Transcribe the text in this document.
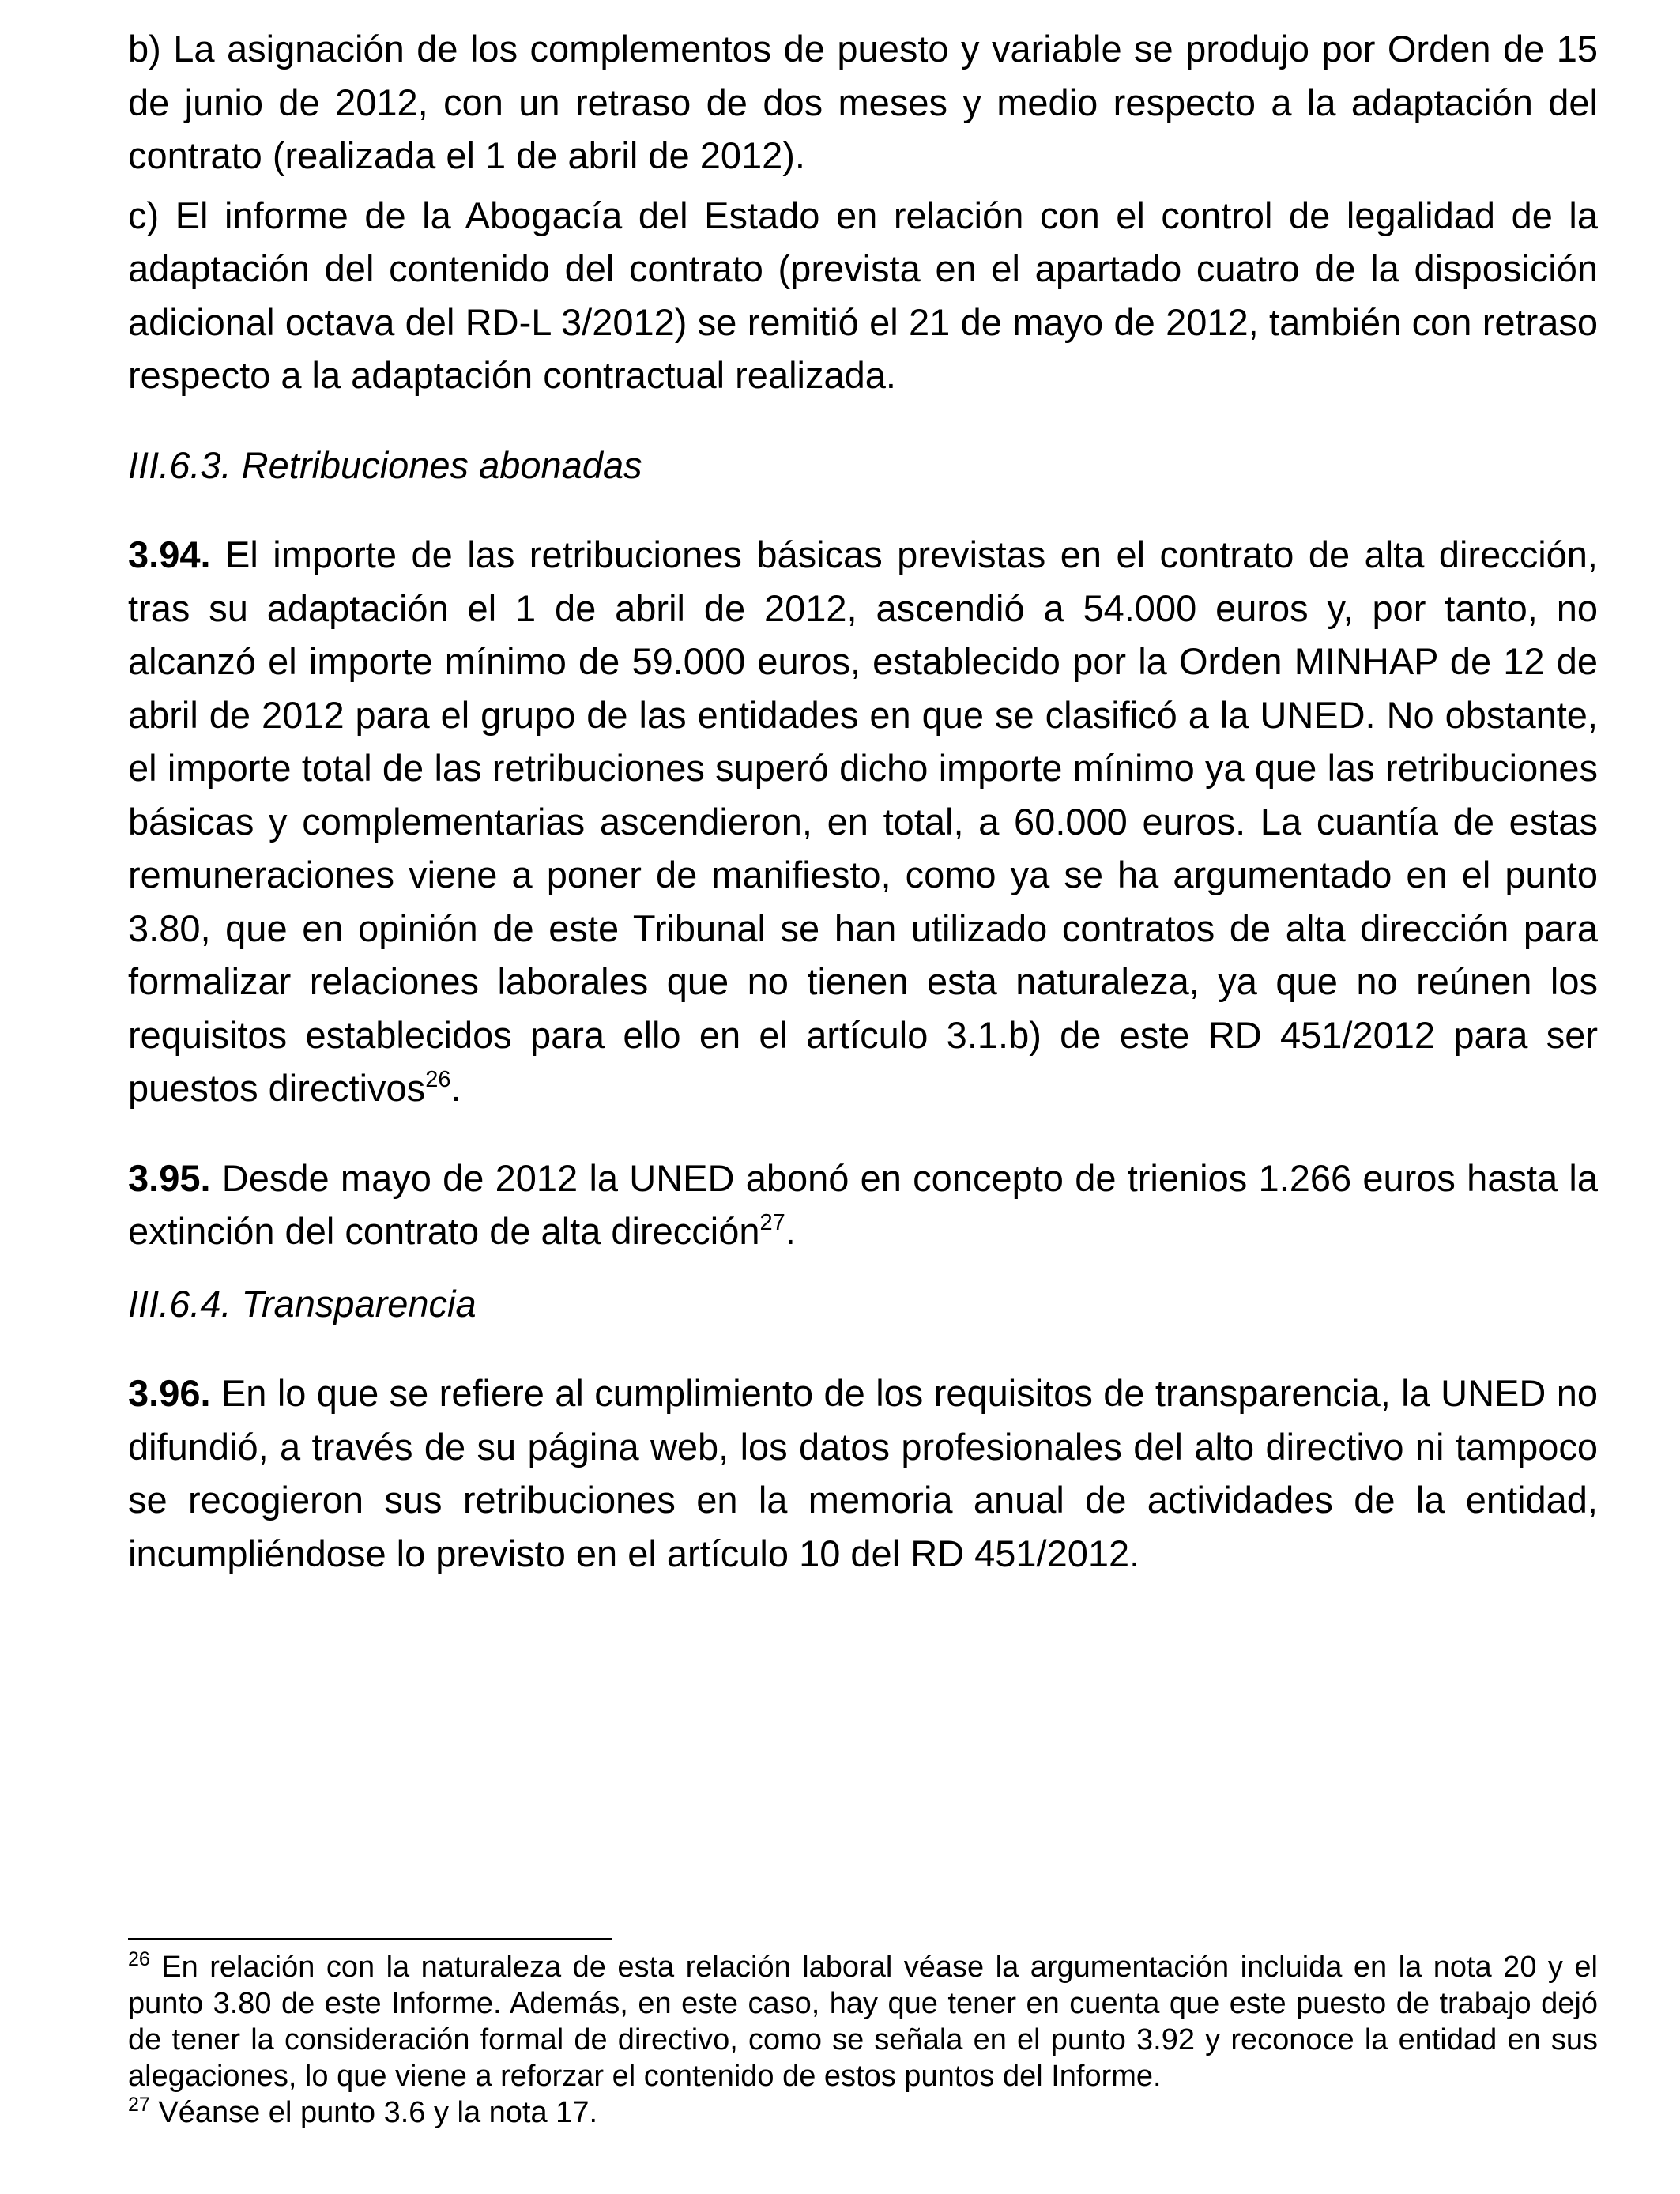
b) La asignación de los complementos de puesto y variable se produjo por Orden de 15 de junio de 2012, con un retraso de dos meses y medio respecto a la adaptación del contrato (realizada el 1 de abril de 2012).

c) El informe de la Abogacía del Estado en relación con el control de legalidad de la adaptación del contenido del contrato (prevista en el apartado cuatro de la disposición adicional octava del RD-L 3/2012) se remitió el 21 de mayo de 2012, también con retraso respecto a la adaptación contractual realizada.

III.6.3. Retribuciones abonadas

3.94. El importe de las retribuciones básicas previstas en el contrato de alta dirección, tras su adaptación el 1 de abril de 2012, ascendió a 54.000 euros y, por tanto, no alcanzó el importe mínimo de 59.000 euros, establecido por la Orden MINHAP de 12 de abril de 2012 para el grupo de las entidades en que se clasificó a la UNED. No obstante, el importe total de las retribuciones superó dicho importe mínimo ya que las retribuciones básicas y complementarias ascendieron, en total, a 60.000 euros. La cuantía de estas remuneraciones viene a poner de manifiesto, como ya se ha argumentado en el punto 3.80, que en opinión de este Tribunal se han utilizado contratos de alta dirección para formalizar relaciones laborales que no tienen esta naturaleza, ya que no reúnen los requisitos establecidos para ello en el artículo 3.1.b) de este RD 451/2012 para ser puestos directivos$^{26}$.

3.95. Desde mayo de 2012 la UNED abonó en concepto de trienios 1.266 euros hasta la extinción del contrato de alta dirección$^{27}$.

III.6.4. Transparencia

3.96. En lo que se refiere al cumplimiento de los requisitos de transparencia, la UNED no difundió, a través de su página web, los datos profesionales del alto directivo ni tampoco se recogieron sus retribuciones en la memoria anual de actividades de la entidad, incumpliéndose lo previsto en el artículo 10 del RD 451/2012.

$^{26}$ En relación con la naturaleza de esta relación laboral véase la argumentación incluida en la nota 20 y el punto 3.80 de este Informe. Además, en este caso, hay que tener en cuenta que este puesto de trabajo dejó de tener la consideración formal de directivo, como se señala en el punto 3.92 y reconoce la entidad en sus alegaciones, lo que viene a reforzar el contenido de estos puntos del Informe.

$^{27}$ Véanse el punto 3.6 y la nota 17.
